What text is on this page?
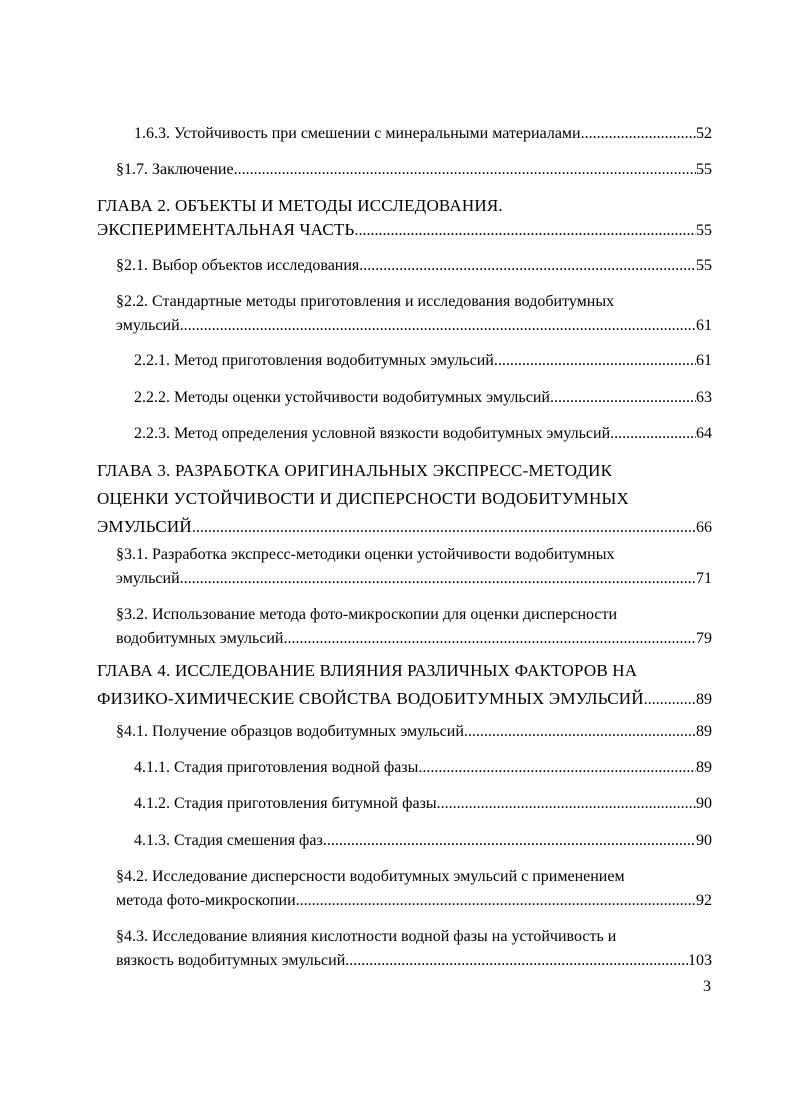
1.6.3. Устойчивость при смешении с минеральными материалами .....	52
§1.7. Заключение .....	55
ГЛАВА 2. ОБЪЕКТЫ И МЕТОДЫ ИССЛЕДОВАНИЯ.
ЭКСПЕРИМЕНТАЛЬНАЯ ЧАСТЬ .....	55
§2.1. Выбор объектов исследования .....	55
§2.2. Стандартные методы приготовления и исследования водобитумных
эмульсий .....	61
2.2.1. Метод приготовления водобитумных эмульсий .....	61
2.2.2. Методы оценки устойчивости водобитумных эмульсий .....	63
2.2.3. Метод определения условной вязкости водобитумных эмульсий .....	64
ГЛАВА 3. РАЗРАБОТКА ОРИГИНАЛЬНЫХ ЭКСПРЕСС-МЕТОДИК
ОЦЕНКИ УСТОЙЧИВОСТИ И ДИСПЕРСНОСТИ ВОДОБИТУМНЫХ
ЭМУЛЬСИЙ .....	66
§3.1. Разработка экспресс-методики оценки устойчивости водобитумных
эмульсий .....	71
§3.2. Использование метода фото-микроскопии для оценки дисперсности
водобитумных эмульсий .....	79
ГЛАВА 4. ИССЛЕДОВАНИЕ ВЛИЯНИЯ РАЗЛИЧНЫХ ФАКТОРОВ НА
ФИЗИКО-ХИМИЧЕСКИЕ СВОЙСТВА ВОДОБИТУМНЫХ ЭМУЛЬСИЙ .....	89
§4.1. Получение образцов водобитумных эмульсий .....	89
4.1.1. Стадия приготовления водной фазы .....	89
4.1.2. Стадия приготовления битумной фазы .....	90
4.1.3. Стадия смешения фаз .....	90
§4.2. Исследование дисперсности водобитумных эмульсий с применением
метода фото-микроскопии .....	92
§4.3. Исследование влияния кислотности водной фазы на устойчивость и
вязкость водобитумных эмульсий. .....	103
3
